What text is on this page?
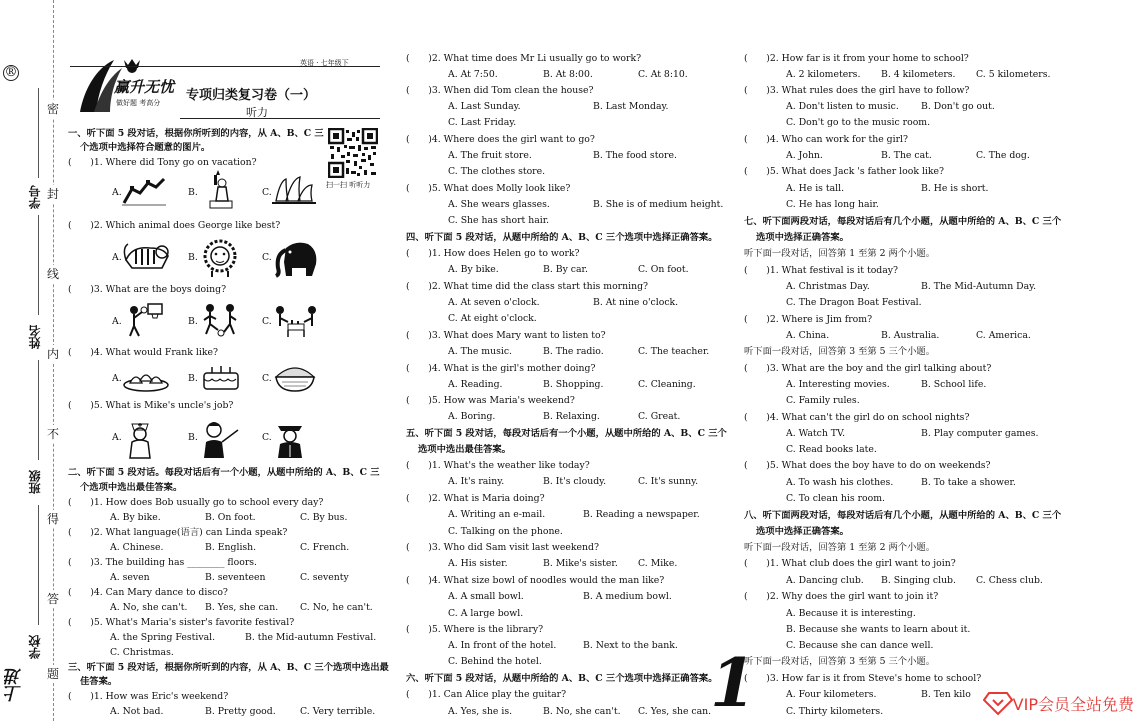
®
学号
姓名
班级
学校
密
封
线
内
不
得
答
题
上进
赢升无忧
做好题 考高分
英语 · 七年级下
专项归类复习卷（一）
听力
扫一扫 听听力
一、听下面 5 段对话，根据你所听到的内容，从 A、B、C 三
个选项中选择符合题意的图片。
(　　)1. Where did Tony go on vacation?
(　　)2. Which animal does George like best?
(　　)3. What are the boys doing?
(　　)4. What would Frank like?
(　　)5. What is Mike's uncle's job?
二、听下面 5 段对话。每段对话后有一个小题，从题中所给的 A、B、C 三
个选项中选出最佳答案。
(　　)1. How does Bob usually go to school every day?
A. By bike.	B. On foot.	C. By bus.
(　　)2. What language(语言) can Linda speak?
A. Chinese.	B. English.	C. French.
(　　)3. The building has ________ floors.
A. seven	B. seventeen	C. seventy
(　　)4. Can Mary dance to disco?
A. No, she can't. B. Yes, she can. C. No, he can't.
(　　)5. What's Maria's sister's favorite festival?
A. the Spring Festival.	B. the Mid-autumn Festival.
C. Christmas.
三、听下面 5 段对话，根据你所听到的内容，从 A、B、C 三个选项中选出最
佳答案。
(　　)1. How was Eric's weekend?
A. Not bad.	B. Pretty good.	C. Very terrible.
(　　)2. What time does Mr Li usually go to work?
A. At 7:50.	B. At 8:00.	C. At 8:10.
(　　)3. When did Tom clean the house?
A. Last Sunday.	B. Last Monday.
C. Last Friday.
(　　)4. Where does the girl want to go?
A. The fruit store.	B. The food store.
C. The clothes store.
(　　)5. What does Molly look like?
A. She wears glasses.	B. She is of medium height.
C. She has short hair.
四、听下面 5 段对话，从题中所给的 A、B、C 三个选项中选择正确答案。
(　　)1. How does Helen go to work?
A. By bike.	B. By car.	C. On foot.
(　　)2. What time did the class start this morning?
A. At seven o'clock.	B. At nine o'clock.
C. At eight o'clock.
(　　)3. What does Mary want to listen to?
A. The music.	B. The radio.	C. The teacher.
(　　)4. What is the girl's mother doing?
A. Reading.	B. Shopping.	C. Cleaning.
(　　)5. How was Maria's weekend?
A. Boring.	B. Relaxing.	C. Great.
五、听下面 5 段对话，每段对话后有一个小题，从题中所给的 A、B、C 三个
选项中选出最佳答案。
(　　)1. What's the weather like today?
A. It's rainy.	B. It's cloudy.	C. It's sunny.
(　　)2. What is Maria doing?
A. Writing an e-mail.	B. Reading a newspaper.
C. Talking on the phone.
(　　)3. Who did Sam visit last weekend?
A. His sister.	B. Mike's sister. C. Mike.
(　　)4. What size bowl of noodles would the man like?
A. A small bowl.	B. A medium bowl.
C. A large bowl.
(　　)5. Where is the library?
A. In front of the hotel.	B. Next to the bank.
C. Behind the hotel.
六、听下面 5 段对话，从题中所给的 A、B、C 三个选项中选择正确答案。
(　　)1. Can Alice play the guitar?
A. Yes, she is.	B. No, she can't. C. Yes, she can.
(　　)2. How far is it from your home to school?
A. 2 kilometers. B. 4 kilometers. C. 5 kilometers.
(　　)3. What rules does the girl have to follow?
A. Don't listen to music. B. Don't go out.
C. Don't go to the music room.
(　　)4. Who can work for the girl?
A. John.	B. The cat.	C. The dog.
(　　)5. What does Jack 's father look like?
A. He is tall.	B. He is short.
C. He has long hair.
七、听下面两段对话，每段对话后有几个小题，从题中所给的 A、B、C 三个
选项中选择正确答案。
听下面一段对话，回答第 1 至第 2 两个小题。
(　　)1. What festival is it today?
A. Christmas Day.	B. The Mid-Autumn Day.
C. The Dragon Boat Festival.
(　　)2. Where is Jim from?
A. China.	B. Australia.	C. America.
听下面一段对话，回答第 3 至第 5 三个小题。
(　　)3. What are the boy and the girl talking about?
A. Interesting movies.	B. School life.
C. Family rules.
(　　)4. What can't the girl do on school nights?
A. Watch TV.	B. Play computer games.
C. Read books late.
(　　)5. What does the boy have to do on weekends?
A. To wash his clothes.	B. To take a shower.
C. To clean his room.
八、听下面两段对话，每段对话后有几个小题，从题中所给的 A、B、C 三个
选项中选择正确答案。
听下面一段对话，回答第 1 至第 2 两个小题。
(　　)1. What club does the girl want to join?
A. Dancing club. B. Singing club. C. Chess club.
(　　)2. Why does the girl want to join it?
A. Because it is interesting.
B. Because she wants to learn about it.
C. Because she can dance well.
听下面一段对话，回答第 3 至第 5 三个小题。
(　　)3. How far is it from Steve's home to school?
A. Four kilometers.	B. Ten kilo
C. Thirty kilometers.
A.	B.	C.
A.	B.	C.
A.	B.	C.
A.	B.	C.
A.	B.	C.
1	VIP会员全站免费
